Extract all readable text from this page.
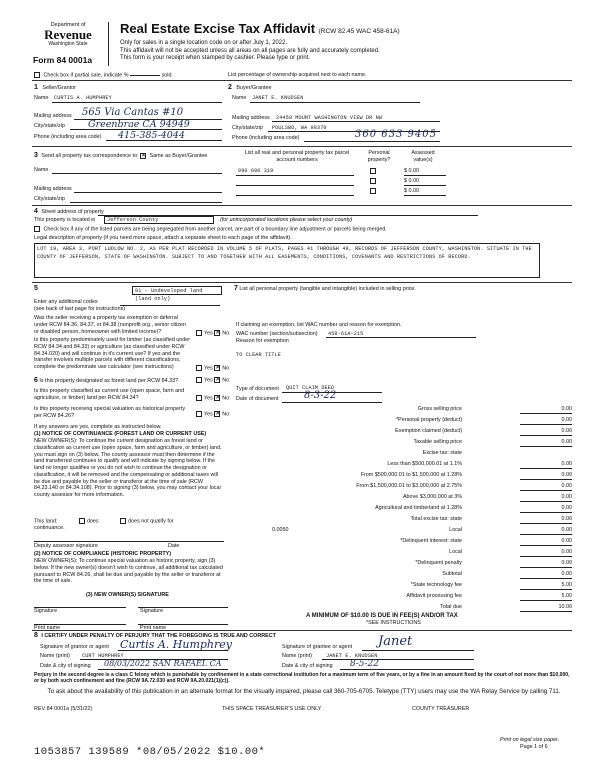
Department of
Revenue
Washington State
Form 84 0001a
Real Estate Excise Tax Affidavit (RCW 82.45 WAC 458-61A)
Only for sales in a single location code on or after July 1, 2022.
This affidavit will not be accepted unless all areas on all pages are fully and accurately completed.
This form is your receipt when stamped by cashier. Please type or print.
Check box if partial sale, indicate %	sold.	List percentage of ownership acquired next to each name.
1 Seller/Grantor
Name CURTIS A. HUMPHREY
Mailing address 565 Via Cantas #10
City/state/zip Greenbrae CA 94949
Phone (including area code) 415-385-4044
2 Buyer/Grantee
Name JANET E. KNUDSEN
Mailing address 24450 MOUNT WASHINGTON VIEW DR NW
City/state/zip POULSBO, WA 98370
Phone (including area code)	360 633 9405
3 Send all property tax correspondence to: ✕ Same as Buyer/Grantee
Name
Mailing address
City/state/zip
List all real and personal property tax parcel account numbers
Personal property?
Assessed value(s)
990 600 319	$ 0.00
$ 0.00
$ 0.00
4 Street address of property
This property is located in	Jefferson County	(for unincorporated locations please select your county)
Check box if any of the listed parcels are being segregated from another parcel, are part of a boundary line adjustment or parcels being merged.
Legal description of property (if you need more space, attach a separate sheet to each page of the affidavit).
LOT 19, AREA 3, PORT LUDLOW NO. 2, AS PER PLAT RECORDED IN VOLUME 5 OF PLATS, PAGES 41 THROUGH 49, RECORDS OF JEFFERSON COUNTY, WASHINGTON. SITUATE IN THE COUNTY OF JEFFERSON, STATE OF WASHINGTON. SUBJECT TO AND TOGETHER WITH ALL EASEMENTS, CONDITIONS, COVENANTS AND RESTRICTIONS OF RECORD.
5	91 - Undeveloped land (land only)
Enter any additional codes
(see back of last page for instructions)
Was the seller receiving a property tax exemption or deferral under RCW 84.36, 84.37, or 84.38 (nonprofit org., senior citizen or disabled person, homeowner with limited income)?	Yes ✕ No
Is this property predominately used for timber (as classified under RCW 84.34 and 84.33) or agriculture (as classified under RCW 84.34.020) and will continue in it's current use? If yes and the transfer involves multiple parcels with different classifications, complete the predominate use calculator (see instructions)	Yes ✕ No
6 Is this property designated as forest land per RCW 84.33?	Yes ✕ No
Is this property classified as current use (open space, farm and agriculture, or timber) land per RCW 84.34?	Yes ✕ No
Is this property receiving special valuation as historical property per RCW 84.26?	Yes ✕ No
If any answers are yes, complete as instructed below.
(1) NOTICE OF CONTINUANCE (FOREST LAND OR CURRENT USE)
NEW OWNER(S): To continue the current designation as forest land or classification as current use (open space, farm and agriculture, or timber) land, you must sign on (3) below. The county assessor must then determine if the land transferred continues to qualify and will indicate by signing below. If the land no longer qualifies or you do not wish to continue the designation or classification, it will be removed and the compensating or additional taxes will be due and payable by the seller or transferor at the time of sale (RCW 84.33.140 or 84.34.108). Prior to signing (3) below, you may contact your local county assessor for more information.
This land:	does	does not qualify for
continuance.
Deputy assessor signature	Date
(2) NOTICE OF COMPLIANCE (HISTORIC PROPERTY)
NEW OWNER(S): To continue special valuation as historic property, sign (3) below. If the new owner(s) doesn't wish to continue, all additional tax calculated pursuant to RCW 84.26, shall be due and payable by the seller or transferor at the time of sale.
(3) NEW OWNER(S) SIGNATURE
Signature	Signature
Print name	Print name
7 List all personal property (tangible and intangible) included in selling price.
If claiming an exemption, list WAC number and reason for exemption.
WAC number (section/subsection) 458-61A-215
Reason for exemption
TO CLEAR TITLE
Type of document QUIT CLAIM DEED
Date of document	8-3-22
Gross selling price	0.00
*Personal property (deduct)	0.00
Exemption claimed (deduct)	0.00
Taxable selling price	0.00
Excise tax: state
Less than $500,000.01 at 1.1%	0.00
From $500,000.01 to $1,500,000 at 1.28%	0.00
From $1,500,000.01 to $3,000,000 at 2.75%	0.00
Above $3,000,000 at 3%	0.00
Agricultural and timberland at 1.28%	0.00
Total excise tax: state	0.00
Local	0.00
*Delinquent interest: state	0.00
Local	0.00
*Delinquent penalty	0.00
Subtotal	0.00
*State technology fee	5.00
Affidavit processing fee	5.00
Total due	10.00
0.0050
A MINIMUM OF $10.00 IS DUE IN FEE(S) AND/OR TAX
*SEE INSTRUCTIONS
8 I CERTIFY UNDER PENALTY OF PERJURY THAT THE FOREGOING IS TRUE AND CORRECT
Signature of grantor or agent Curtis A. Humphrey
Name (print) CURT HUMPHREY
Date & city of signing 08/03/2022 SAN RAFAEL CA
Signature of grantee or agent Janet
Name (print)	JANET E. KNUDSEN
Date & city of signing 8-5-22
Perjury in the second degree is a class C felony which is punishable by confinement in a state correctional institution for a maximum term of five years, or by a fine in an amount fixed by the court of not more than $10,000, or by both such confinement and fine (RCW 9A.72.030 and RCW 9A.20.021(1)(c)).
To ask about the availability of this publication in an alternate format for the visually impaired, please call 360-705-6705. Teletype (TTY) users may use the WA Relay Service by calling 711.
REV 84 0001a (5/31/22)	THIS SPACE TREASURER'S USE ONLY	COUNTY TREASURER
1053857 139589 *08/05/2022 $10.00*
Print on legal size paper.
Page 1 of 6
